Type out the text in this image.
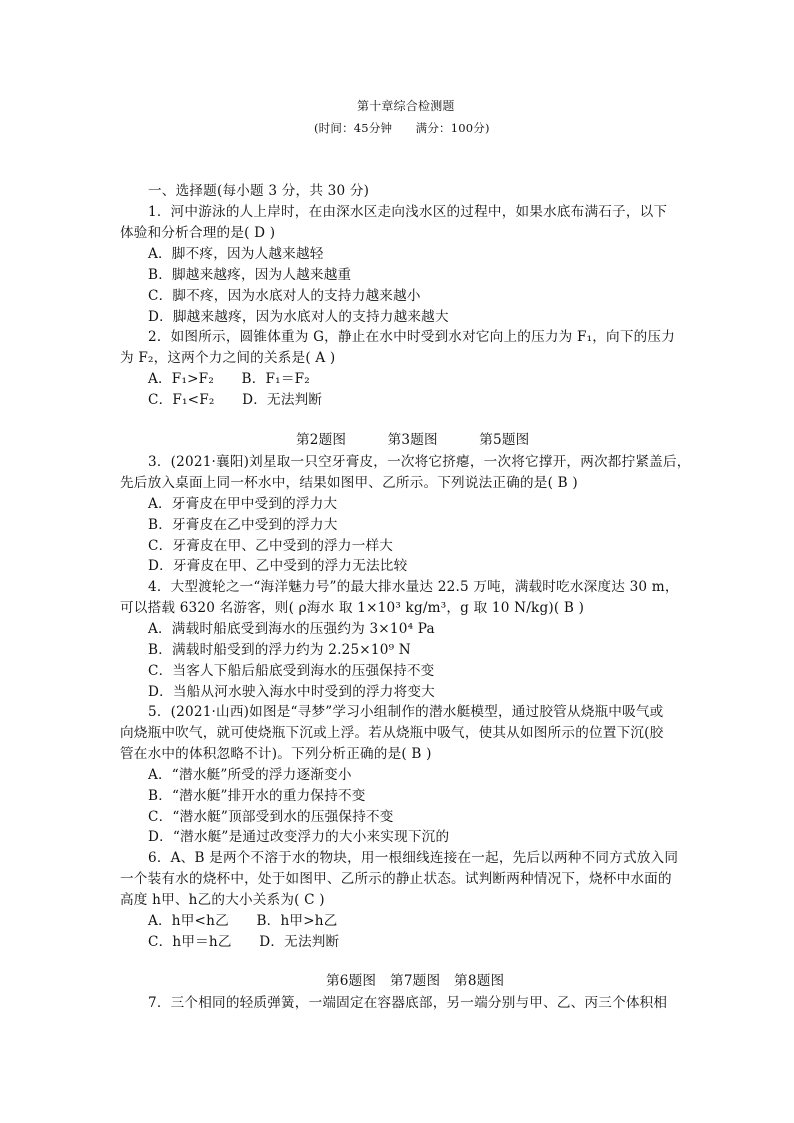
第十章综合检测题
(时间：45分钟　　满分：100分)
一、选择题(每小题 3 分，共 30 分)
1．河中游泳的人上岸时，在由深水区走向浅水区的过程中，如果水底布满石子，以下
体验和分析合理的是( D )
A．脚不疼，因为人越来越轻
B．脚越来越疼，因为人越来越重
C．脚不疼，因为水底对人的支持力越来越小
D．脚越来越疼，因为水底对人的支持力越来越大
2．如图所示，圆锥体重为 G，静止在水中时受到水对它向上的压力为 F₁，向下的压力
为 F₂，这两个力之间的关系是( A )
A．F₁>F₂　　B．F₁＝F₂
C．F₁<F₂　　D．无法判断
第2题图　　　第3题图　　　第5题图
3．(2021·襄阳)刘星取一只空牙膏皮，一次将它挤瘪，一次将它撑开，两次都拧紧盖后，
先后放入桌面上同一杯水中，结果如图甲、乙所示。下列说法正确的是( B )
A．牙膏皮在甲中受到的浮力大
B．牙膏皮在乙中受到的浮力大
C．牙膏皮在甲、乙中受到的浮力一样大
D．牙膏皮在甲、乙中受到的浮力无法比较
4．大型渡轮之一“海洋魅力号”的最大排水量达 22.5 万吨，满载时吃水深度达 30 m，
可以搭载 6320 名游客，则( ρ海水 取 1×10³ kg/m³，g 取 10 N/kg)( B )
A．满载时船底受到海水的压强约为 3×10⁴ Pa
B．满载时船受到的浮力约为 2.25×10⁹ N
C．当客人下船后船底受到海水的压强保持不变
D．当船从河水驶入海水中时受到的浮力将变大
5．(2021·山西)如图是“寻梦”学习小组制作的潜水艇模型，通过胶管从烧瓶中吸气或
向烧瓶中吹气，就可使烧瓶下沉或上浮。若从烧瓶中吸气，使其从如图所示的位置下沉(胶
管在水中的体积忽略不计)。下列分析正确的是( B )
A．“潜水艇”所受的浮力逐渐变小
B．“潜水艇”排开水的重力保持不变
C．“潜水艇”顶部受到水的压强保持不变
D．“潜水艇”是通过改变浮力的大小来实现下沉的
6．A、B 是两个不溶于水的物块，用一根细线连接在一起，先后以两种不同方式放入同
一个装有水的烧杯中，处于如图甲、乙所示的静止状态。试判断两种情况下，烧杯中水面的
高度 h甲、h乙的大小关系为( C )
A．h甲<h乙　　B．h甲>h乙
C．h甲＝h乙　　D．无法判断
第6题图　第7题图　第8题图
7．三个相同的轻质弹簧，一端固定在容器底部，另一端分别与甲、乙、丙三个体积相
